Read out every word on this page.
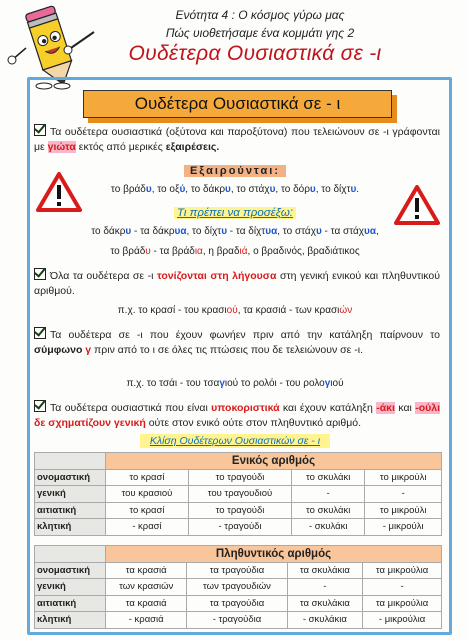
Ενότητα 4 : Ο κόσμος γύρω μας
Πώς υιοθετήσαμε ένα κομμάτι γης 2
Ουδέτερα Ουσιαστικά σε -ι
Ουδέτερα Ουσιαστικά σε - ι
Τα ουδέτερα ουσιαστικά (οξύτονα και παροξύτονα) που τελειώνουν σε -ι γράφονται με γιώτα εκτός από μερικές εξαιρέσεις.
Εξαιρούνται:
το βράδυ, το οξύ, το δάκρυ, το στάχυ, το δόρυ, το δίχτυ.
Τι πρέπει να προσέξω:
το δάκρυ - τα δάκρυα, το δίχτυ - τα δίχτυα, το στάχυ - τα στάχυα,
το βράδυ - τα βράδια, η βραδιά, ο βραδινός, βραδιάτικος
Όλα τα ουδέτερα σε -ι τονίζονται στη λήγουσα στη γενική ενικού και πληθυντικού αριθμού.
π.χ. το κρασί - του κρασιού, τα κρασιά - των κρασιών
Τα ουδέτερα σε -ι που έχουν φωνήεν πριν από την κατάληξη παίρνουν το σύμφωνο γ πριν από το ι σε όλες τις πτώσεις που δε τελειώνουν σε -ι.
π.χ. το τσάι - του τσαγιού το ρολόι - του ρολογιού
Τα ουδέτερα ουσιαστικά που είναι υποκοριστικά και έχουν κατάληξη -άκι και -ούλι δε σχηματίζουν γενική ούτε στον ενικό ούτε στον πληθυντικό αριθμό.
Κλίση Ουδέτερων Ουσιαστικών σε - ι
	Ενικός αριθμός			
ονομαστική	το κρασί	το τραγούδι	το σκυλάκι	το μικρούλι
γενική	του κρασιού	του τραγουδιού	-	-
αιτιατική	το κρασί	το τραγούδι	το σκυλάκι	το μικρούλι
κλητική	- κρασί	- τραγούδι	- σκυλάκι	- μικρούλι
	Πληθυντικός αριθμός			
ονομαστική	τα κρασιά	τα τραγούδια	τα σκυλάκια	τα μικρούλια
γενική	των κρασιών	των τραγουδιών	-	-
αιτιατική	τα κρασιά	τα τραγούδια	τα σκυλάκια	τα μικρούλια
κλητική	- κρασιά	- τραγούδια	- σκυλάκια	- μικρούλια
